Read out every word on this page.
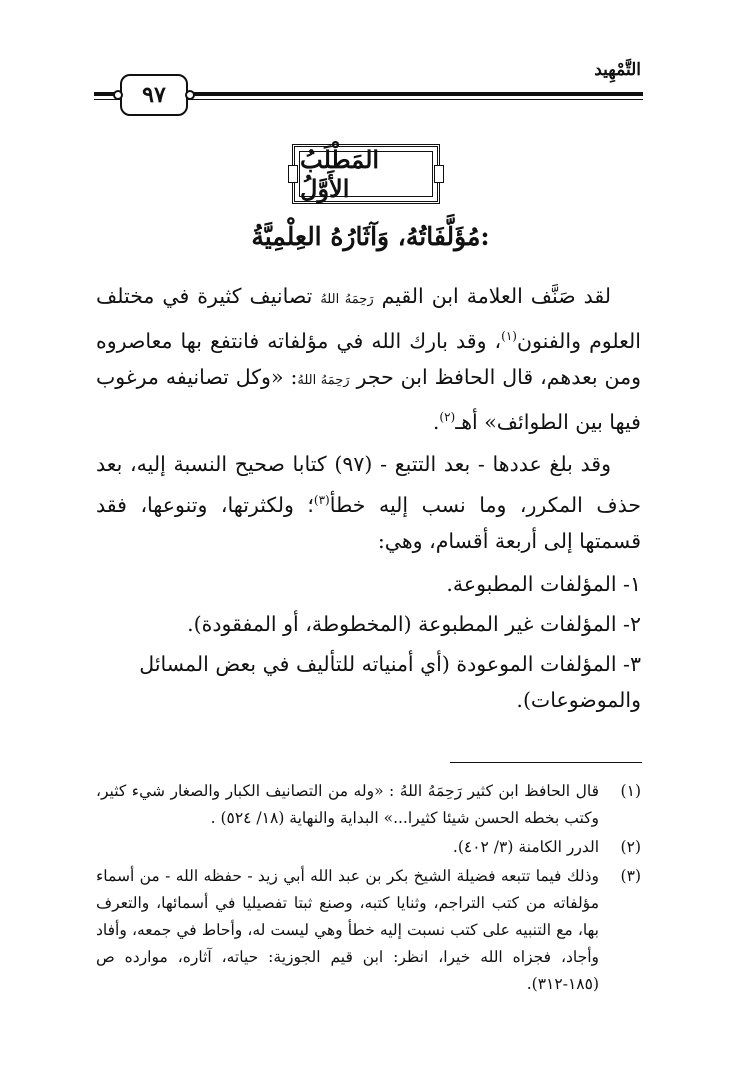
التَّمْهِيد
٩٧
المَطْلَبُ الأَوَّلُ
مُؤَلَّفَاتُهُ، وَآثَارُهُ العِلْمِيَّةُ:
لقد صَنَّف العلامة ابن القيم رَحِمَهُ اللهُ تصانيف كثيرة في مختلف العلوم والفنون$^{(١)}$، وقد بارك الله في مؤلفاته فانتفع بها معاصروه ومن بعدهم، قال الحافظ ابن حجر رَحِمَهُ اللهُ: «وكل تصانيفه مرغوب فيها بين الطوائف» أهـ$^{(٢)}$.
وقد بلغ عددها - بعد التتبع - (٩٧) كتابا صحيح النسبة إليه، بعد حذف المكرر، وما نسب إليه خطأ$^{(٣)}$؛ ولكثرتها، وتنوعها، فقد قسمتها إلى أربعة أقسام، وهي:
١- المؤلفات المطبوعة.
٢- المؤلفات غير المطبوعة (المخطوطة، أو المفقودة).
٣- المؤلفات الموعودة (أي أمنياته للتأليف في بعض المسائل والموضوعات).
(١)
قال الحافظ ابن كثير رَحِمَهُ اللهُ : «وله من التصانيف الكبار والصغار شيء كثير، وكتب بخطه الحسن شيئا كثيرا...» البداية والنهاية (١٨/ ٥٢٤) .
(٢)
الدرر الكامنة (٣/ ٤٠٢).
(٣)
وذلك فيما تتبعه فضيلة الشيخ بكر بن عبد الله أبي زيد - حفظه الله - من أسماء مؤلفاته من كتب التراجم، وثنايا كتبه، وصنع ثبتا تفصيليا في أسمائها، والتعرف بها، مع التنبيه على كتب نسبت إليه خطأ وهي ليست له، وأحاط في جمعه، وأفاد وأجاد، فجزاه الله خيرا، انظر: ابن قيم الجوزية: حياته، آثاره، موارده ص (١٨٥-٣١٢).
